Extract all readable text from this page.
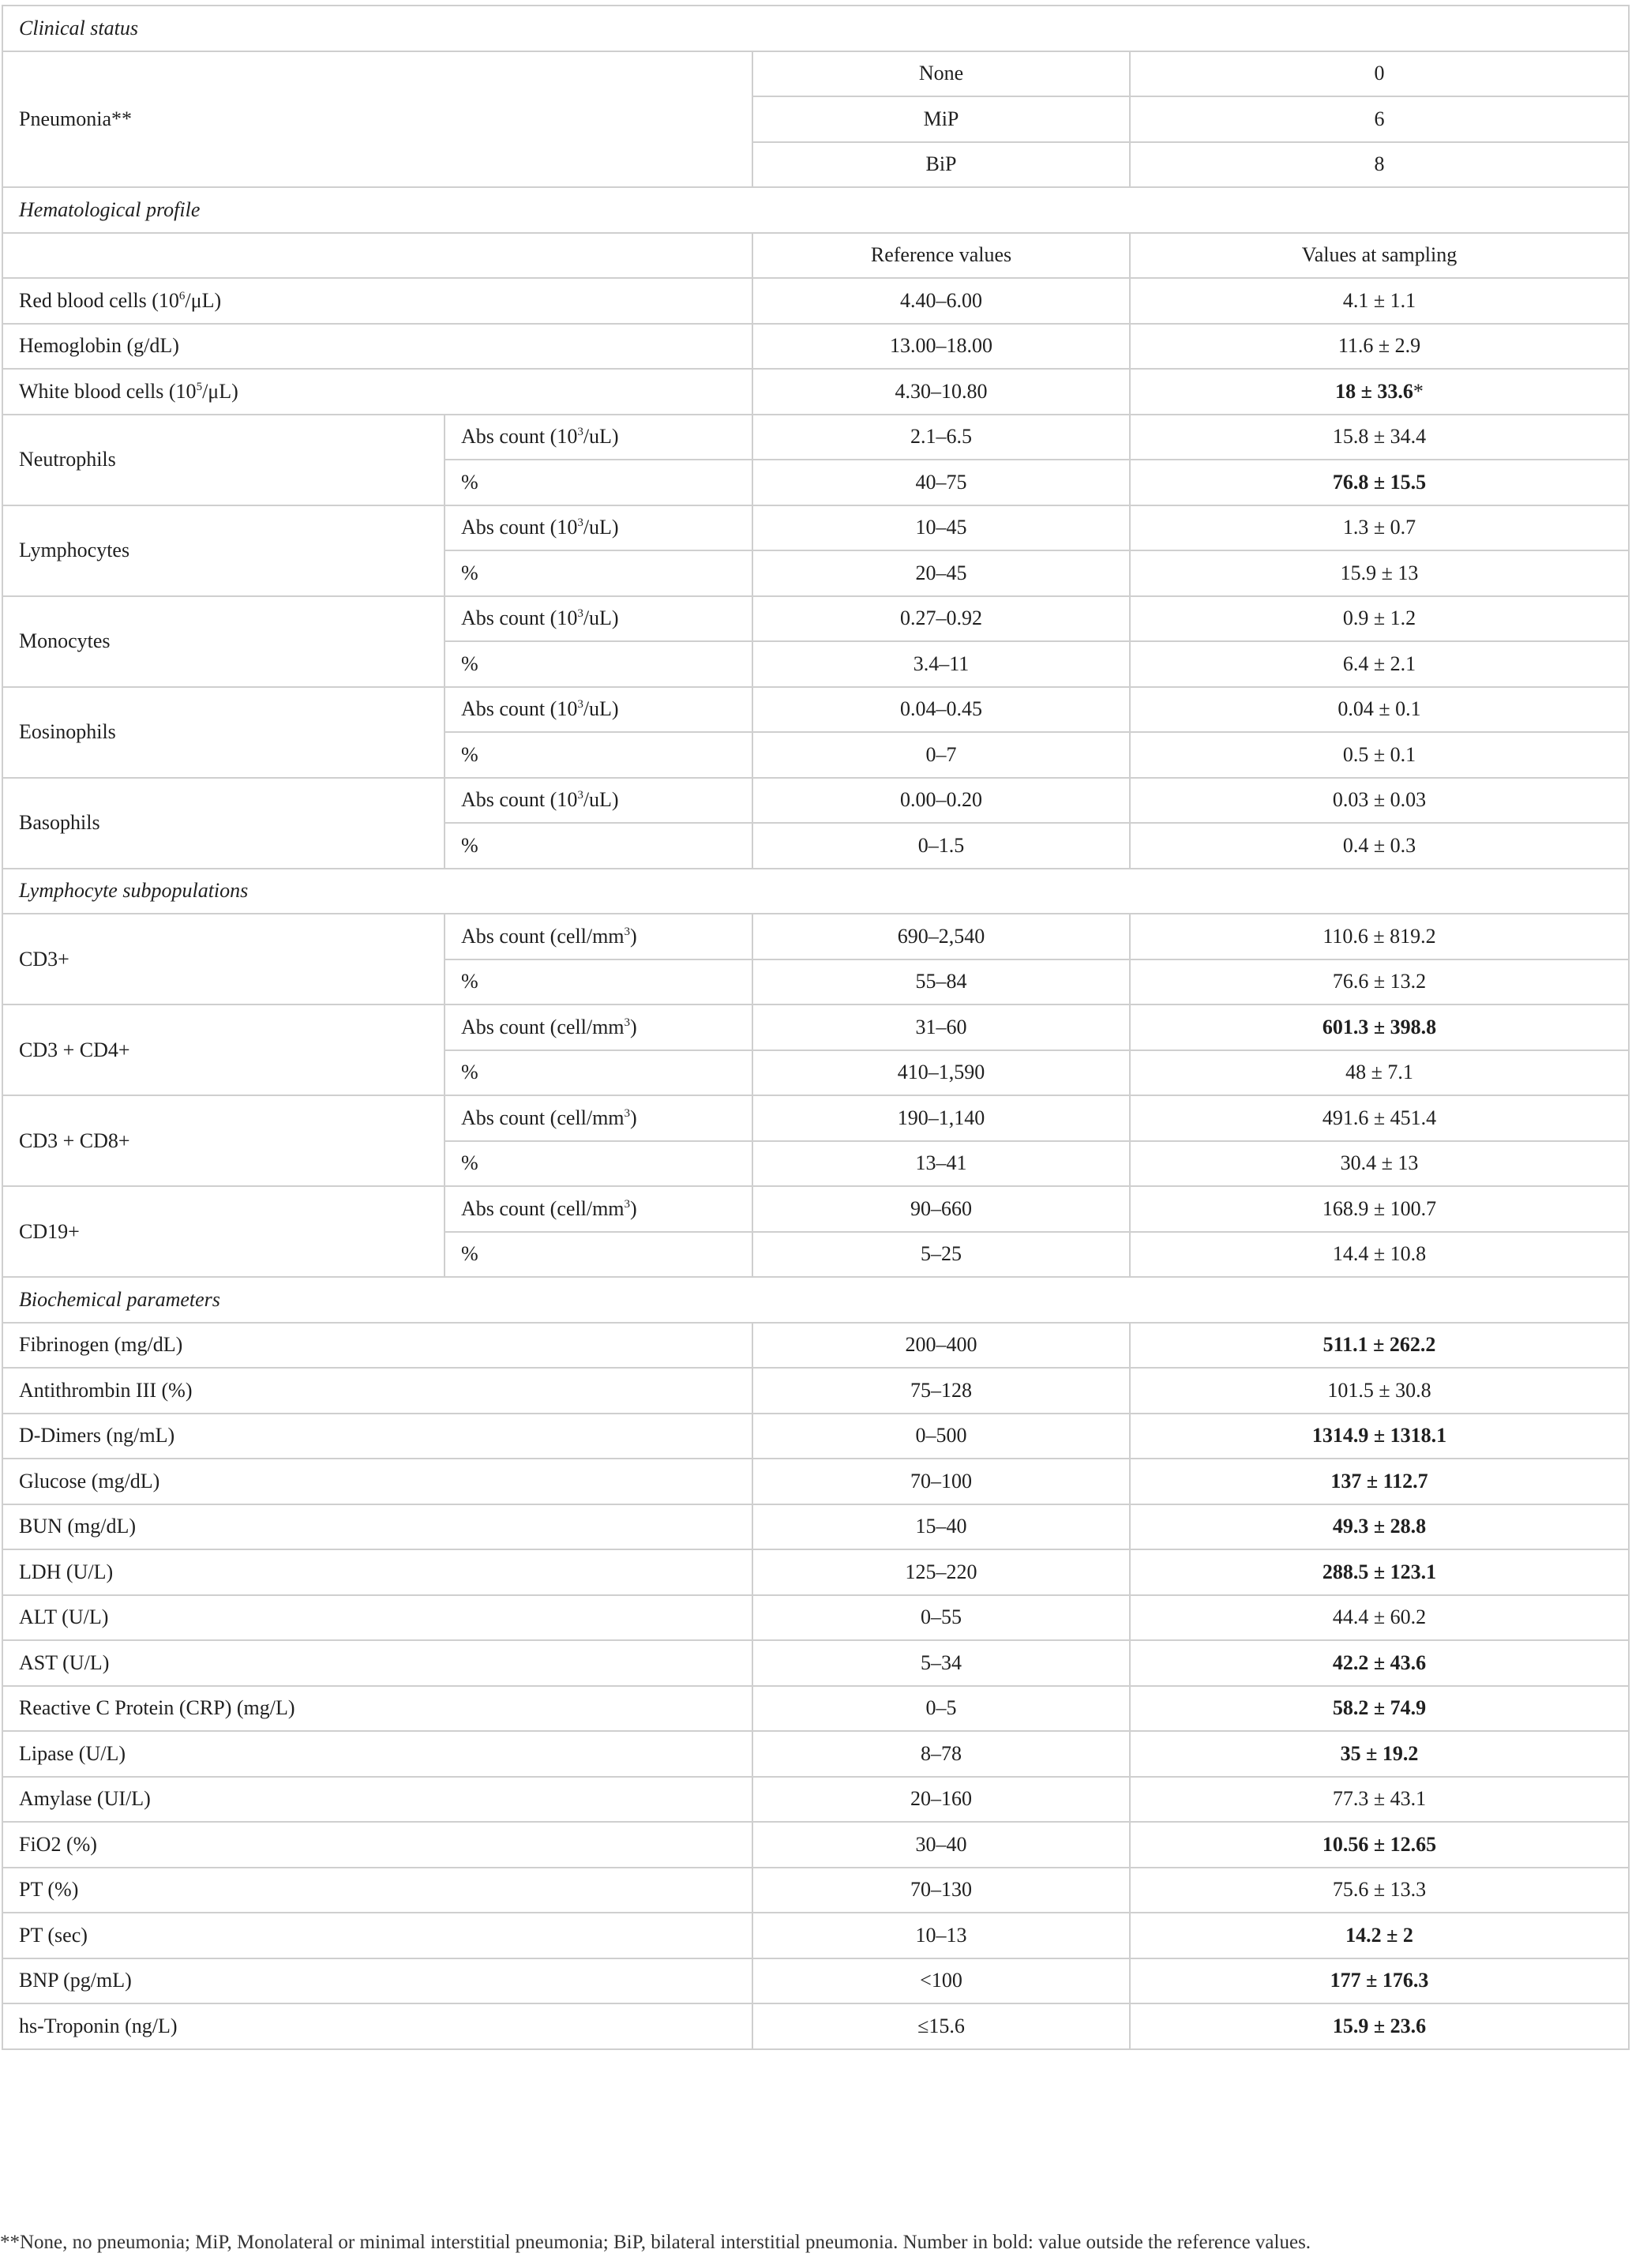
Clinical status			
Pneumonia**		None	0
		MiP	6
		BiP	8
Hematological profile			
		Reference values	Values at sampling
Red blood cells $(10^6/\mu L)$		4.40–6.00	4.1 ± 1.1
Hemoglobin (g/dL)		13.00–18.00	11.6 ± 2.9
White blood cells $(10^5/\mu L)$		4.30–10.80	18 ± 33.6*
Neutrophils	Abs count $(10^3/uL)$	2.1–6.5	15.8 ± 34.4
	%	40–75	76.8 ± 15.5
Lymphocytes	Abs count $(10^3/uL)$	10–45	1.3 ± 0.7
	%	20–45	15.9 ± 13
Monocytes	Abs count $(10^3/uL)$	0.27–0.92	0.9 ± 1.2
	%	3.4–11	6.4 ± 2.1
Eosinophils	Abs count $(10^3/uL)$	0.04–0.45	0.04 ± 0.1
	%	0–7	0.5 ± 0.1
Basophils	Abs count $(10^3/uL)$	0.00–0.20	0.03 ± 0.03
	%	0–1.5	0.4 ± 0.3
Lymphocyte subpopulations			
CD3+	Abs count $(cell/mm^3)$	690–2,540	110.6 ± 819.2
	%	55–84	76.6 ± 13.2
CD3 + CD4+	Abs count $(cell/mm^3)$	31–60	601.3 ± 398.8
	%	410–1,590	48 ± 7.1
CD3 + CD8+	Abs count $(cell/mm^3)$	190–1,140	491.6 ± 451.4
	%	13–41	30.4 ± 13
CD19+	Abs count $(cell/mm^3)$	90–660	168.9 ± 100.7
	%	5–25	14.4 ± 10.8
Biochemical parameters			
Fibrinogen (mg/dL)		200–400	511.1 ± 262.2
Antithrombin III (%)		75–128	101.5 ± 30.8
D-Dimers (ng/mL)		0–500	1314.9 ± 1318.1
Glucose (mg/dL)		70–100	137 ± 112.7
BUN (mg/dL)		15–40	49.3 ± 28.8
LDH (U/L)		125–220	288.5 ± 123.1
ALT (U/L)		0–55	44.4 ± 60.2
AST (U/L)		5–34	42.2 ± 43.6
Reactive C Protein (CRP) (mg/L)		0–5	58.2 ± 74.9
Lipase (U/L)		8–78	35 ± 19.2
Amylase (UI/L)		20–160	77.3 ± 43.1
FiO2 (%)		30–40	10.56 ± 12.65
PT (%)		70–130	75.6 ± 13.3
PT (sec)		10–13	14.2 ± 2
BNP (pg/mL)		<100	177 ± 176.3
hs-Troponin (ng/L)		≤15.6	15.9 ± 23.6
**None, no pneumonia; MiP, Monolateral or minimal interstitial pneumonia; BiP, bilateral interstitial pneumonia. Number in bold: value outside the reference values.
